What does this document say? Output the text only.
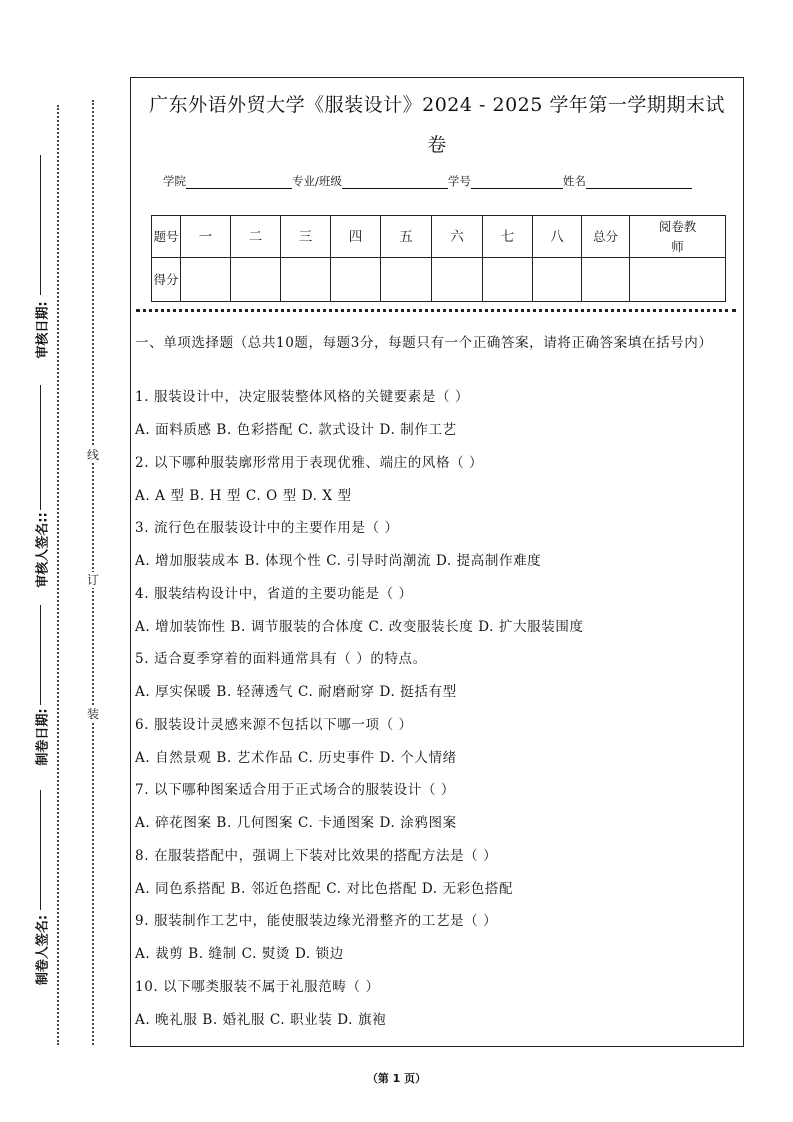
审核日期:
审核人签名::
制卷日期:
制卷人签名:
线
订
装
广东外语外贸大学《服装设计》2024 - 2025 学年第一学期期末试
卷
学院	专业/班级	学号	姓名
题号	一	二	三	四	五	六	七	八	总分	阅卷教师
得分										
一、单项选择题（总共10题，每题3分，每题只有一个正确答案，请将正确答案填在括号内）
1. 服装设计中，决定服装整体风格的关键要素是（ ）
A. 面料质感 B. 色彩搭配 C. 款式设计 D. 制作工艺
2. 以下哪种服装廓形常用于表现优雅、端庄的风格（ ）
A. A 型 B. H 型 C. O 型 D. X 型
3. 流行色在服装设计中的主要作用是（ ）
A. 增加服装成本 B. 体现个性 C. 引导时尚潮流 D. 提高制作难度
4. 服装结构设计中，省道的主要功能是（ ）
A. 增加装饰性 B. 调节服装的合体度 C. 改变服装长度 D. 扩大服装围度
5. 适合夏季穿着的面料通常具有（ ）的特点。
A. 厚实保暖 B. 轻薄透气 C. 耐磨耐穿 D. 挺括有型
6. 服装设计灵感来源不包括以下哪一项（ ）
A. 自然景观 B. 艺术作品 C. 历史事件 D. 个人情绪
7. 以下哪种图案适合用于正式场合的服装设计（ ）
A. 碎花图案 B. 几何图案 C. 卡通图案 D. 涂鸦图案
8. 在服装搭配中，强调上下装对比效果的搭配方法是（ ）
A. 同色系搭配 B. 邻近色搭配 C. 对比色搭配 D. 无彩色搭配
9. 服装制作工艺中，能使服装边缘光滑整齐的工艺是（ ）
A. 裁剪 B. 缝制 C. 熨烫 D. 锁边
10. 以下哪类服装不属于礼服范畴（ ）
A. 晚礼服 B. 婚礼服 C. 职业装 D. 旗袍
（第 1 页）
